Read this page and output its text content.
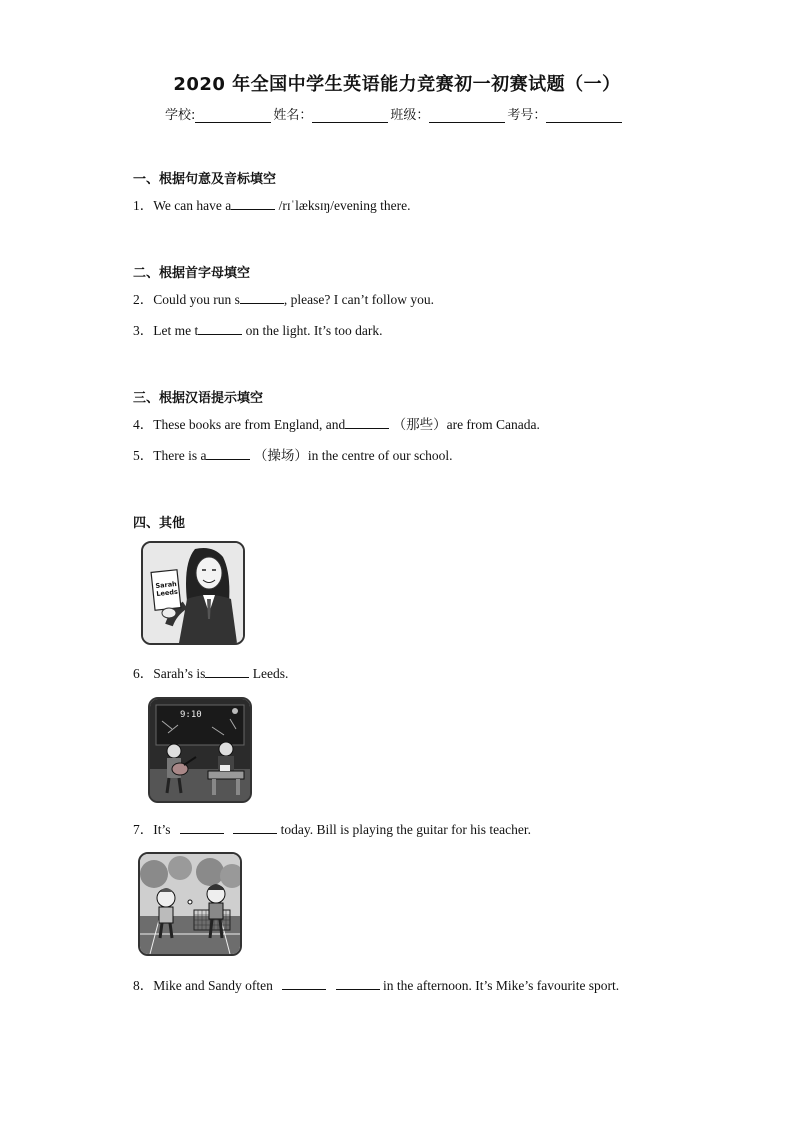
2020 年全国中学生英语能力竞赛初一初赛试题（一）
学校:	姓名：	班级：	考号：
一、根据句意及音标填空
1．We can have a	/rɪˈlæksɪŋ/evening there.
二、根据首字母填空
2．Could you run s	, please? I can’t follow you.
3．Let me t	on the light. It’s too dark.
三、根据汉语提示填空
4．These books are from England, and	（那些）are from Canada.
5．There is a	（操场）in the centre of our school.
四、其他
Sarah
Leeds
6．Sarah’s is	Leeds.
9:10
7．It’s	today. Bill is playing the guitar for his teacher.
8．Mike and Sandy often	in the afternoon. It’s Mike’s favourite sport.
